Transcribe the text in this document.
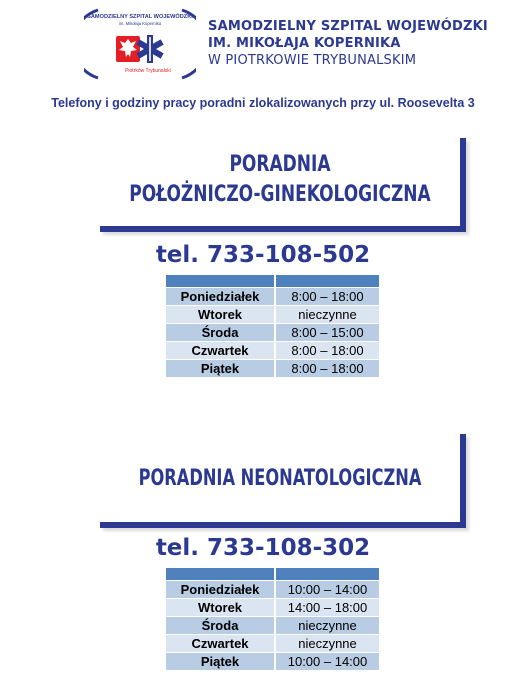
SAMODZIELNY SZPITAL WOJEWÓDZKI
im. Mikołaja Kopernika
Piotrków Trybunalski
SAMODZIELNY SZPITAL WOJEWÓDZKI
IM. MIKOŁAJA KOPERNIKA
W PIOTRKOWIE TRYBUNALSKIM
Telefony i godziny pracy poradni zlokalizowanych przy ul. Roosevelta 3
PORADNIA
POŁOŻNICZO-GINEKOLOGICZNA
tel. 733-108-502

Poniedziałek	8:00 – 18:00
Wtorek	nieczynne
Środa	8:00 – 15:00
Czwartek	8:00 – 18:00
Piątek	8:00 – 18:00
PORADNIA NEONATOLOGICZNA
tel. 733-108-302

Poniedziałek	10:00 – 14:00
Wtorek	14:00 – 18:00
Środa	nieczynne
Czwartek	nieczynne
Piątek	10:00 – 14:00
